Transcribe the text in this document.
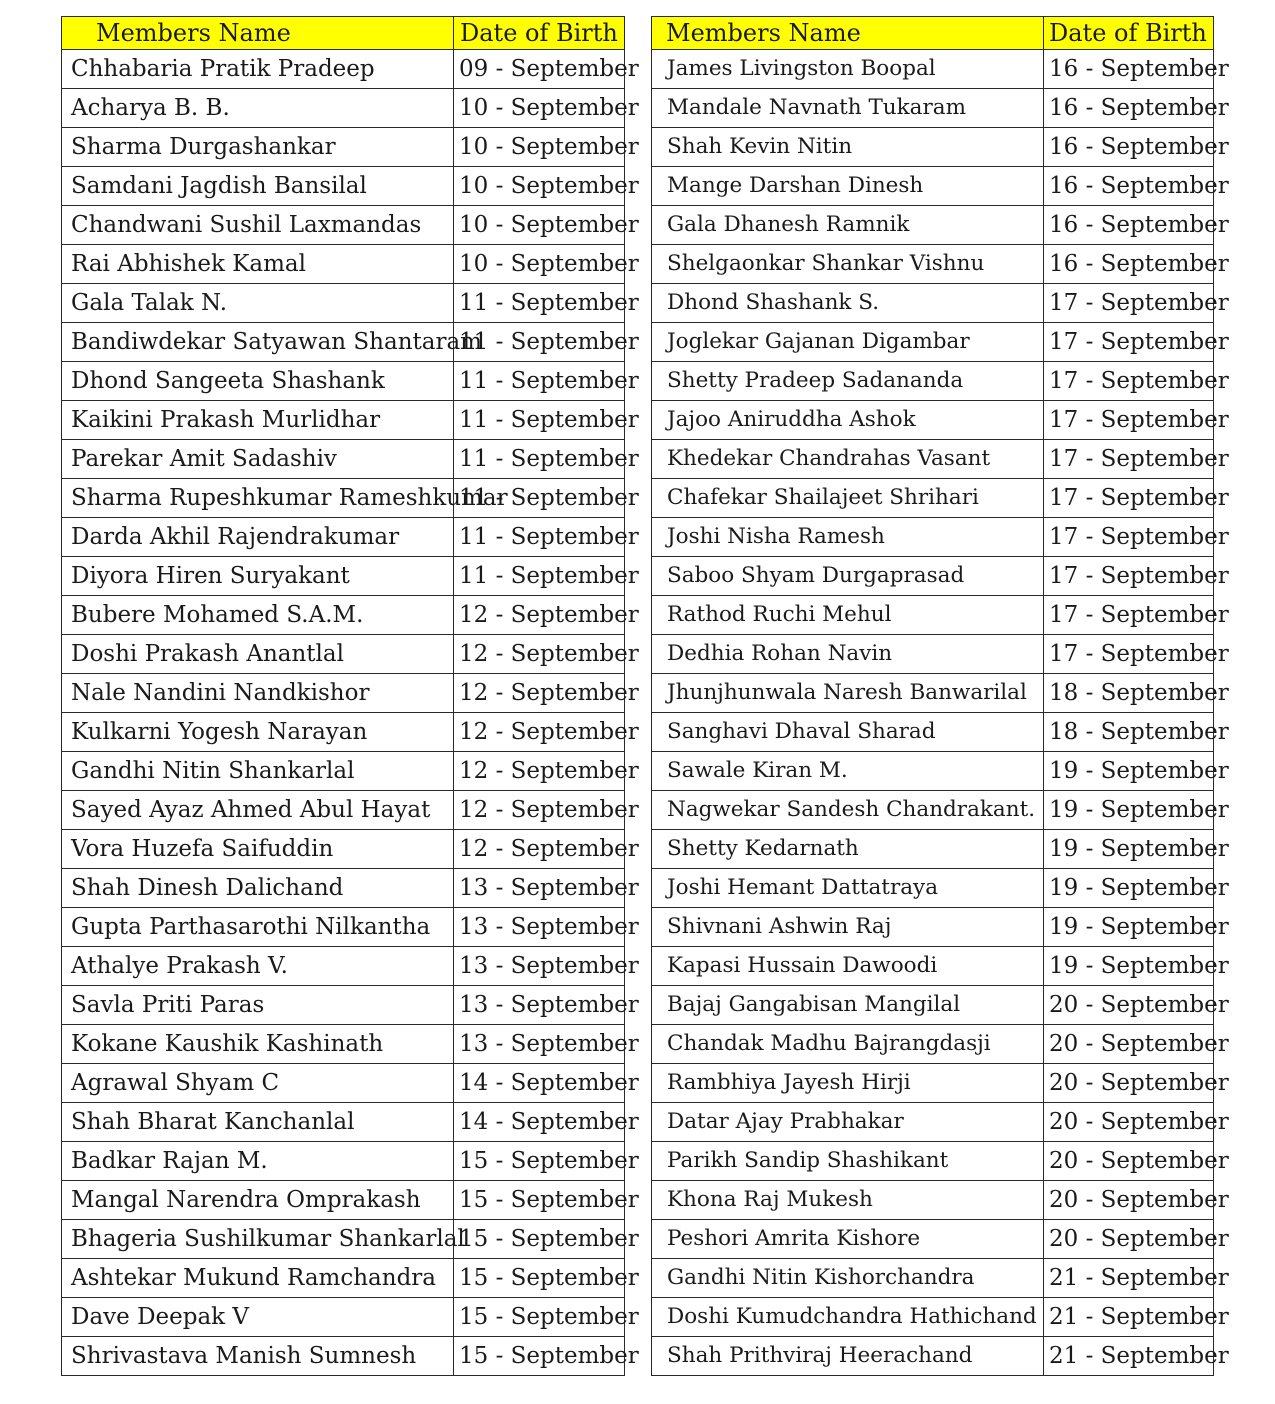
Members Name	Date of Birth
Chhabaria Pratik Pradeep	09 - September
Acharya B. B.	10 - September
Sharma Durgashankar	10 - September
Samdani Jagdish Bansilal	10 - September
Chandwani Sushil Laxmandas	10 - September
Rai Abhishek Kamal	10 - September
Gala Talak N.	11 - September
Bandiwdekar Satyawan Shantaram	11 - September
Dhond Sangeeta Shashank	11 - September
Kaikini Prakash Murlidhar	11 - September
Parekar Amit Sadashiv	11 - September
Sharma Rupeshkumar Rameshkumar	11 - September
Darda Akhil Rajendrakumar	11 - September
Diyora Hiren Suryakant	11 - September
Bubere Mohamed S.A.M.	12 - September
Doshi Prakash Anantlal	12 - September
Nale Nandini Nandkishor	12 - September
Kulkarni Yogesh Narayan	12 - September
Gandhi Nitin Shankarlal	12 - September
Sayed Ayaz Ahmed Abul Hayat	12 - September
Vora Huzefa Saifuddin	12 - September
Shah Dinesh Dalichand	13 - September
Gupta Parthasarothi Nilkantha	13 - September
Athalye Prakash V.	13 - September
Savla Priti Paras	13 - September
Kokane Kaushik Kashinath	13 - September
Agrawal Shyam C	14 - September
Shah Bharat Kanchanlal	14 - September
Badkar Rajan M.	15 - September
Mangal Narendra Omprakash	15 - September
Bhageria Sushilkumar Shankarlal	15 - September
Ashtekar Mukund Ramchandra	15 - September
Dave Deepak V	15 - September
Shrivastava Manish Sumnesh	15 - September
Members Name	Date of Birth
James Livingston Boopal	16 - September
Mandale Navnath Tukaram	16 - September
Shah Kevin Nitin	16 - September
Mange Darshan Dinesh	16 - September
Gala Dhanesh Ramnik	16 - September
Shelgaonkar Shankar Vishnu	16 - September
Dhond Shashank S.	17 - September
Joglekar Gajanan Digambar	17 - September
Shetty Pradeep Sadananda	17 - September
Jajoo Aniruddha Ashok	17 - September
Khedekar Chandrahas Vasant	17 - September
Chafekar Shailajeet Shrihari	17 - September
Joshi Nisha Ramesh	17 - September
Saboo Shyam Durgaprasad	17 - September
Rathod Ruchi Mehul	17 - September
Dedhia Rohan Navin	17 - September
Jhunjhunwala Naresh Banwarilal	18 - September
Sanghavi Dhaval Sharad	18 - September
Sawale Kiran M.	19 - September
Nagwekar Sandesh Chandrakant.	19 - September
Shetty Kedarnath	19 - September
Joshi Hemant Dattatraya	19 - September
Shivnani Ashwin Raj	19 - September
Kapasi Hussain Dawoodi	19 - September
Bajaj Gangabisan Mangilal	20 - September
Chandak Madhu Bajrangdasji	20 - September
Rambhiya Jayesh Hirji	20 - September
Datar Ajay Prabhakar	20 - September
Parikh Sandip Shashikant	20 - September
Khona Raj Mukesh	20 - September
Peshori Amrita Kishore	20 - September
Gandhi Nitin Kishorchandra	21 - September
Doshi Kumudchandra Hathichand	21 - September
Shah Prithviraj Heerachand	21 - September
